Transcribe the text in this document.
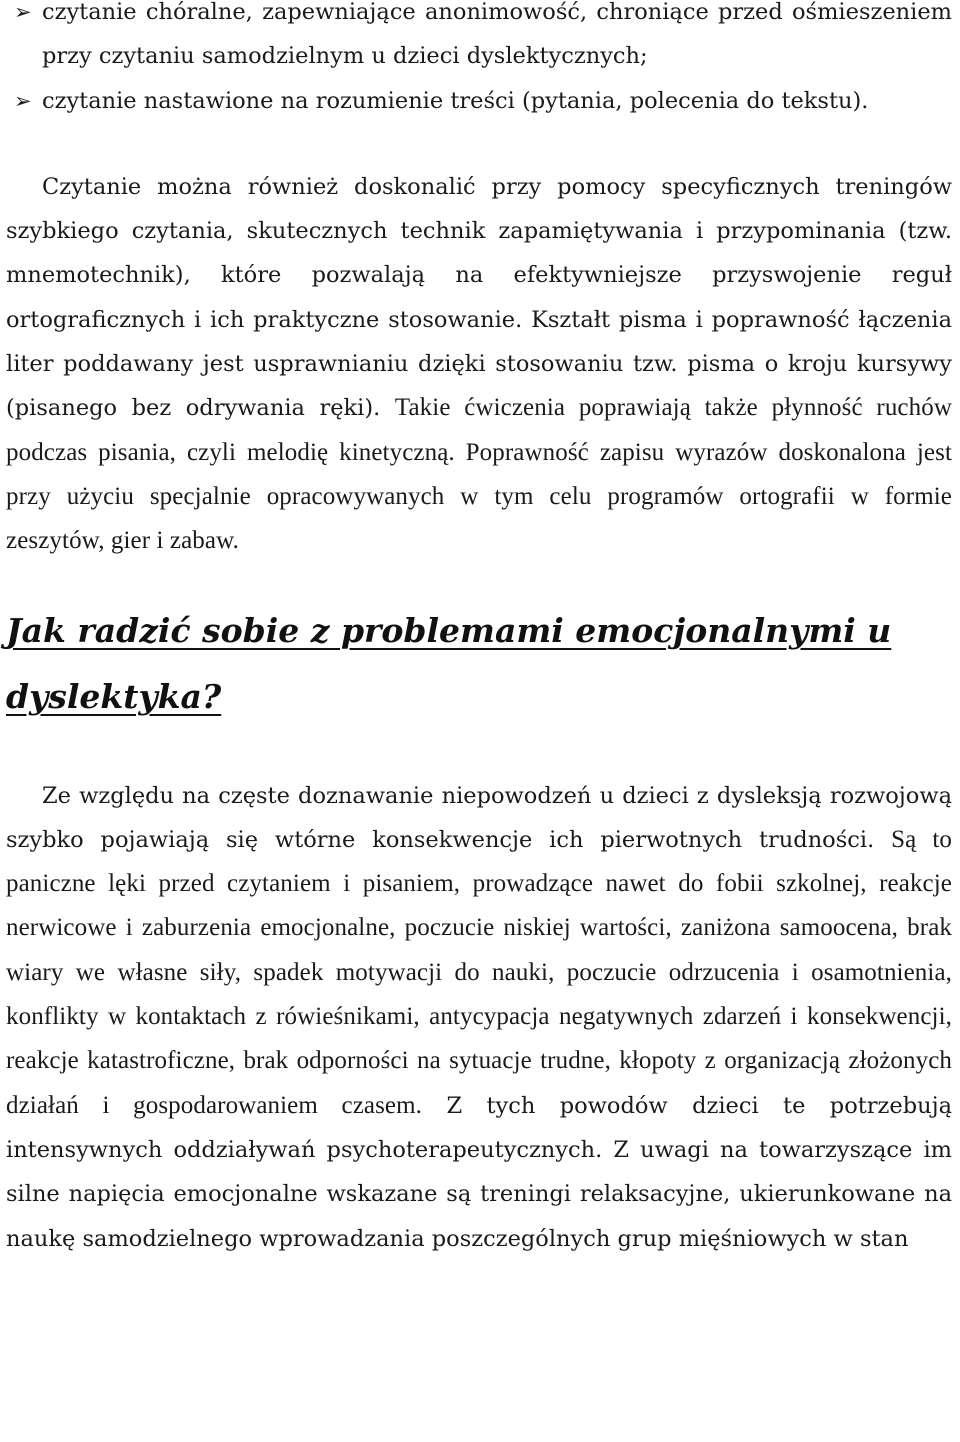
➢ czytanie chóralne, zapewniające anonimowość, chroniące przed ośmieszeniem przy czytaniu samodzielnym u dzieci dyslektycznych;
➢ czytanie nastawione na rozumienie treści (pytania, polecenia do tekstu).

Czytanie można również doskonalić przy pomocy specyficznych treningów szybkiego czytania, skutecznych technik zapamiętywania i przypominania (tzw. mnemotechnik), które pozwalają na efektywniejsze przyswojenie reguł ortograficznych i ich praktyczne stosowanie. Kształt pisma i poprawność łączenia liter poddawany jest usprawnianiu dzięki stosowaniu tzw. pisma o kroju kursywy (pisanego bez odrywania ręki). Takie ćwiczenia poprawiają także płynność ruchów podczas pisania, czyli melodię kinetyczną. Poprawność zapisu wyrazów doskonalona jest przy użyciu specjalnie opracowywanych w tym celu programów ortografii w formie zeszytów, gier i zabaw.

Jak radzić sobie z problemami emocjonalnymi u dyslektyka?

Ze względu na częste doznawanie niepowodzeń u dzieci z dysleksją rozwojową szybko pojawiają się wtórne konsekwencje ich pierwotnych trudności. Są to paniczne lęki przed czytaniem i pisaniem, prowadzące nawet do fobii szkolnej, reakcje nerwicowe i zaburzenia emocjonalne, poczucie niskiej wartości, zaniżona samoocena, brak wiary we własne siły, spadek motywacji do nauki, poczucie odrzucenia i osamotnienia, konflikty w kontaktach z rówieśnikami, antycypacja negatywnych zdarzeń i konsekwencji, reakcje katastroficzne, brak odporności na sytuacje trudne, kłopoty z organizacją złożonych działań i gospodarowaniem czasem. Z tych powodów dzieci te potrzebują intensywnych oddziaływań psychoterapeutycznych. Z uwagi na towarzyszące im silne napięcia emocjonalne wskazane są treningi relaksacyjne, ukierunkowane na naukę samodzielnego wprowadzania poszczególnych grup mięśniowych w stan
